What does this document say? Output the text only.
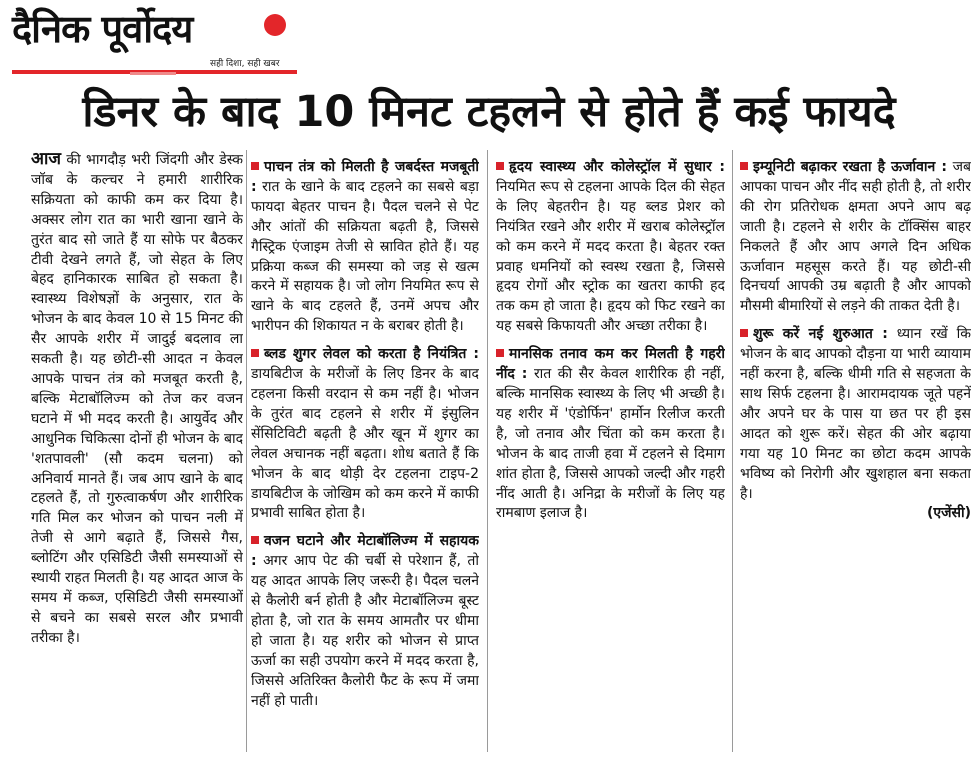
दैनिक पूर्वोदय
सही दिशा, सही खबर
डिनर के बाद 10 मिनट टहलने से होते हैं कई फायदे

आज की भागदौड़ भरी जिंदगी और डेस्क जॉब के कल्चर ने हमारी शारीरिक सक्रियता को काफी कम कर दिया है। अक्सर लोग रात का भारी खाना खाने के तुरंत बाद सो जाते हैं या सोफे पर बैठकर टीवी देखने लगते हैं, जो सेहत के लिए बेहद हानिकारक साबित हो सकता है। स्वास्थ्य विशेषज्ञों के अनुसार, रात के भोजन के बाद केवल 10 से 15 मिनट की सैर आपके शरीर में जादुई बदलाव ला सकती है। यह छोटी-सी आदत न केवल आपके पाचन तंत्र को मजबूत करती है, बल्कि मेटाबॉलिज्म को तेज कर वजन घटाने में भी मदद करती है। आयुर्वेद और आधुनिक चिकित्सा दोनों ही भोजन के बाद 'शतपावली' (सौ कदम चलना) को अनिवार्य मानते हैं। जब आप खाने के बाद टहलते हैं, तो गुरुत्वाकर्षण और शारीरिक गति मिल कर भोजन को पाचन नली में तेजी से आगे बढ़ाते हैं, जिससे गैस, ब्लोटिंग और एसिडिटी जैसी समस्याओं से स्थायी राहत मिलती है। यह आदत आज के समय में कब्ज, एसिडिटी जैसी समस्याओं से बचने का सबसे सरल और प्रभावी तरीका है।

पाचन तंत्र को मिलती है जबर्दस्त मजबूती : रात के खाने के बाद टहलने का सबसे बड़ा फायदा बेहतर पाचन है। पैदल चलने से पेट और आंतों की सक्रियता बढ़ती है, जिससे गैस्ट्रिक एंजाइम तेजी से स्रावित होते हैं। यह प्रक्रिया कब्ज की समस्या को जड़ से खत्म करने में सहायक है। जो लोग नियमित रूप से खाने के बाद टहलते हैं, उनमें अपच और भारीपन की शिकायत न के बराबर होती है।

ब्लड शुगर लेवल को करता है नियंत्रित : डायबिटीज के मरीजों के लिए डिनर के बाद टहलना किसी वरदान से कम नहीं है। भोजन के तुरंत बाद टहलने से शरीर में इंसुलिन सेंसिटिविटी बढ़ती है और खून में शुगर का लेवल अचानक नहीं बढ़ता। शोध बताते हैं कि भोजन के बाद थोड़ी देर टहलना टाइप-2 डायबिटीज के जोखिम को कम करने में काफी प्रभावी साबित होता है।

वजन घटाने और मेटाबॉलिज्म में सहायक : अगर आप पेट की चर्बी से परेशान हैं, तो यह आदत आपके लिए जरूरी है। पैदल चलने से कैलोरी बर्न होती है और मेटाबॉलिज्म बूस्ट होता है, जो रात के समय आमतौर पर धीमा हो जाता है। यह शरीर को भोजन से प्राप्त ऊर्जा का सही उपयोग करने में मदद करता है, जिससे अतिरिक्त कैलोरी फैट के रूप में जमा नहीं हो पाती।

हृदय स्वास्थ्य और कोलेस्ट्रॉल में सुधार : नियमित रूप से टहलना आपके दिल की सेहत के लिए बेहतरीन है। यह ब्लड प्रेशर को नियंत्रित रखने और शरीर में खराब कोलेस्ट्रॉल को कम करने में मदद करता है। बेहतर रक्त प्रवाह धमनियों को स्वस्थ रखता है, जिससे हृदय रोगों और स्ट्रोक का खतरा काफी हद तक कम हो जाता है। हृदय को फिट रखने का यह सबसे किफायती और अच्छा तरीका है।

मानसिक तनाव कम कर मिलती है गहरी नींद : रात की सैर केवल शारीरिक ही नहीं, बल्कि मानसिक स्वास्थ्य के लिए भी अच्छी है। यह शरीर में 'एंडोर्फिन' हार्मोन रिलीज करती है, जो तनाव और चिंता को कम करता है। भोजन के बाद ताजी हवा में टहलने से दिमाग शांत होता है, जिससे आपको जल्दी और गहरी नींद आती है। अनिद्रा के मरीजों के लिए यह रामबाण इलाज है।

इम्यूनिटी बढ़ाकर रखता है ऊर्जावान : जब आपका पाचन और नींद सही होती है, तो शरीर की रोग प्रतिरोधक क्षमता अपने आप बढ़ जाती है। टहलने से शरीर के टॉक्सिंस बाहर निकलते हैं और आप अगले दिन अधिक ऊर्जावान महसूस करते हैं। यह छोटी-सी दिनचर्या आपकी उम्र बढ़ाती है और आपको मौसमी बीमारियों से लड़ने की ताकत देती है।

शुरू करें नई शुरुआत : ध्यान रखें कि भोजन के बाद आपको दौड़ना या भारी व्यायाम नहीं करना है, बल्कि धीमी गति से सहजता के साथ सिर्फ टहलना है। आरामदायक जूते पहनें और अपने घर के पास या छत पर ही इस आदत को शुरू करें। सेहत की ओर बढ़ाया गया यह 10 मिनट का छोटा कदम आपके भविष्य को निरोगी और खुशहाल बना सकता है।

(एजेंसी)
